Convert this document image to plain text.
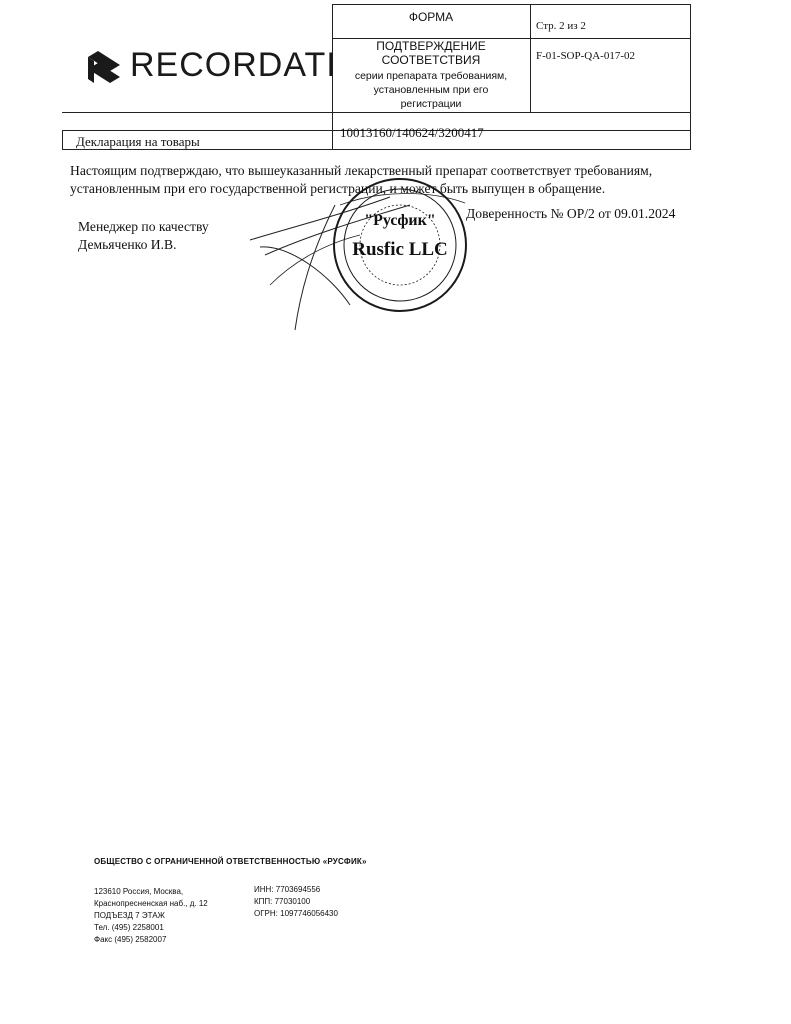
RECORDATI
ФОРМА
Стр. 2 из 2
F-01-SOP-QA-017-02
ПОДТВЕРЖДЕНИЕ
СООТВЕТСТВИЯ
серии препарата требованиям,
установленным при его
регистрации
Декларация на товары
10013160/140624/3200417
Настоящим подтверждаю, что вышеуказанный лекарственный препарат соответствует требованиям,
установленным при его государственной регистрации, и может быть выпущен в обращение.
Менеджер по качеству
Демьяченко И.В.
Доверенность № ОР/2 от 09.01.2024
"Русфик"
Rusfic LLC
ОБЩЕСТВО С ОГРАНИЧЕННОЙ ОТВЕТСТВЕННОСТЬЮ «РУСФИК»
123610 Россия, Москва,
Краснопресненская наб., д. 12
ПОДЪЕЗД 7 ЭТАЖ
Тел. (495) 2258001
Факс (495) 2582007
ИНН: 7703694556
КПП: 77030100
ОГРН: 1097746056430
